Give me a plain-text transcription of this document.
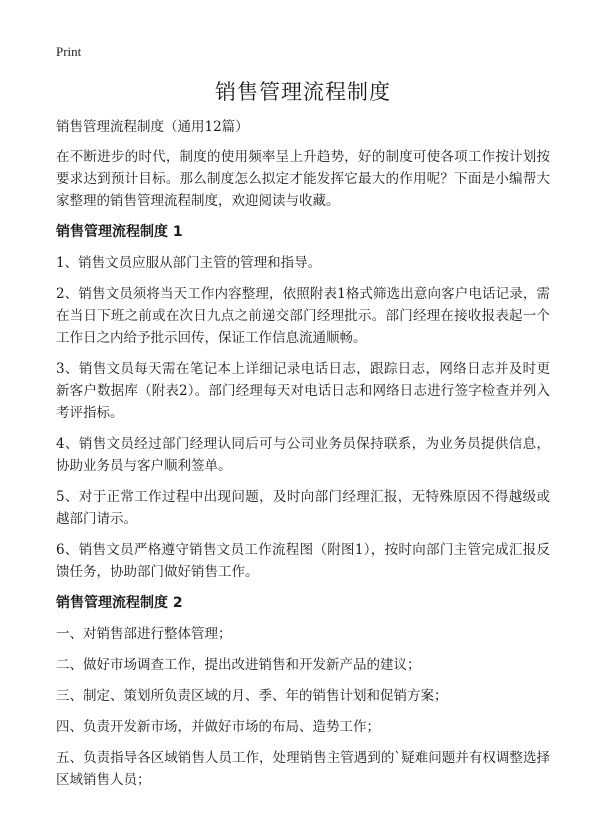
Print
销售管理流程制度

销售管理流程制度（通用12篇）

在不断进步的时代，制度的使用频率呈上升趋势，好的制度可使各项工作按计划按要求达到预计目标。那么制度怎么拟定才能发挥它最大的作用呢？下面是小编帮大家整理的销售管理流程制度，欢迎阅读与收藏。

销售管理流程制度 1

1、销售文员应服从部门主管的管理和指导。

2、销售文员须将当天工作内容整理，依照附表1格式筛选出意向客户电话记录，需在当日下班之前或在次日九点之前递交部门经理批示。部门经理在接收报表起一个工作日之内给予批示回传，保证工作信息流通顺畅。

3、销售文员每天需在笔记本上详细记录电话日志，跟踪日志，网络日志并及时更新客户数据库（附表2）。部门经理每天对电话日志和网络日志进行签字检查并列入考评指标。

4、销售文员经过部门经理认同后可与公司业务员保持联系，为业务员提供信息，协助业务员与客户顺利签单。

5、对于正常工作过程中出现问题，及时向部门经理汇报，无特殊原因不得越级或越部门请示。

6、销售文员严格遵守销售文员工作流程图（附图1），按时向部门主管完成汇报反馈任务，协助部门做好销售工作。

销售管理流程制度 2

一、对销售部进行整体管理；

二、做好市场调查工作，提出改进销售和开发新产品的建议；

三、制定、策划所负责区域的月、季、年的销售计划和促销方案；

四、负责开发新市场，并做好市场的布局、造势工作；

五、负责指导各区域销售人员工作，处理销售主管遇到的`疑难问题并有权调整选择区域销售人员；
